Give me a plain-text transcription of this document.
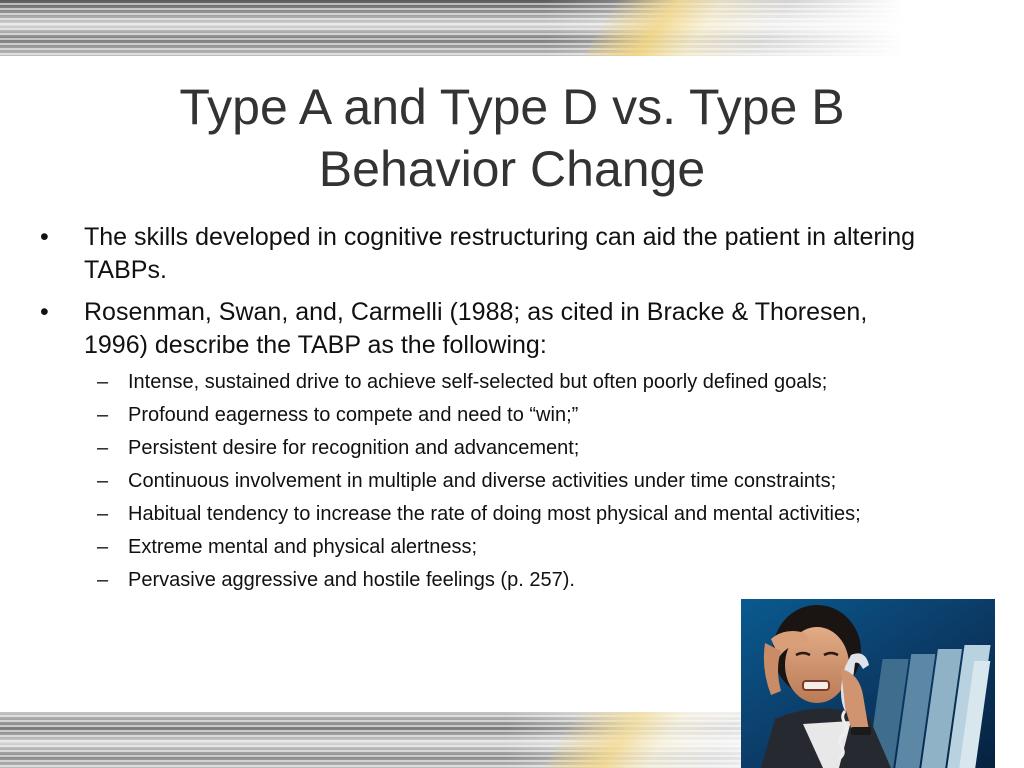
Type A and Type D vs. Type B
Behavior Change
•	The skills developed in cognitive restructuring can aid the patient in altering TABPs.
•	Rosenman, Swan, and, Carmelli (1988; as cited in Bracke & Thoresen, 1996) describe the TABP as the following:
– Intense, sustained drive to achieve self-selected but often poorly defined goals;
– Profound eagerness to compete and need to “win;”
– Persistent desire for recognition and advancement;
– Continuous involvement in multiple and diverse activities under time constraints;
– Habitual tendency to increase the rate of doing most physical and mental activities;
– Extreme mental and physical alertness;
– Pervasive aggressive and hostile feelings (p. 257).
